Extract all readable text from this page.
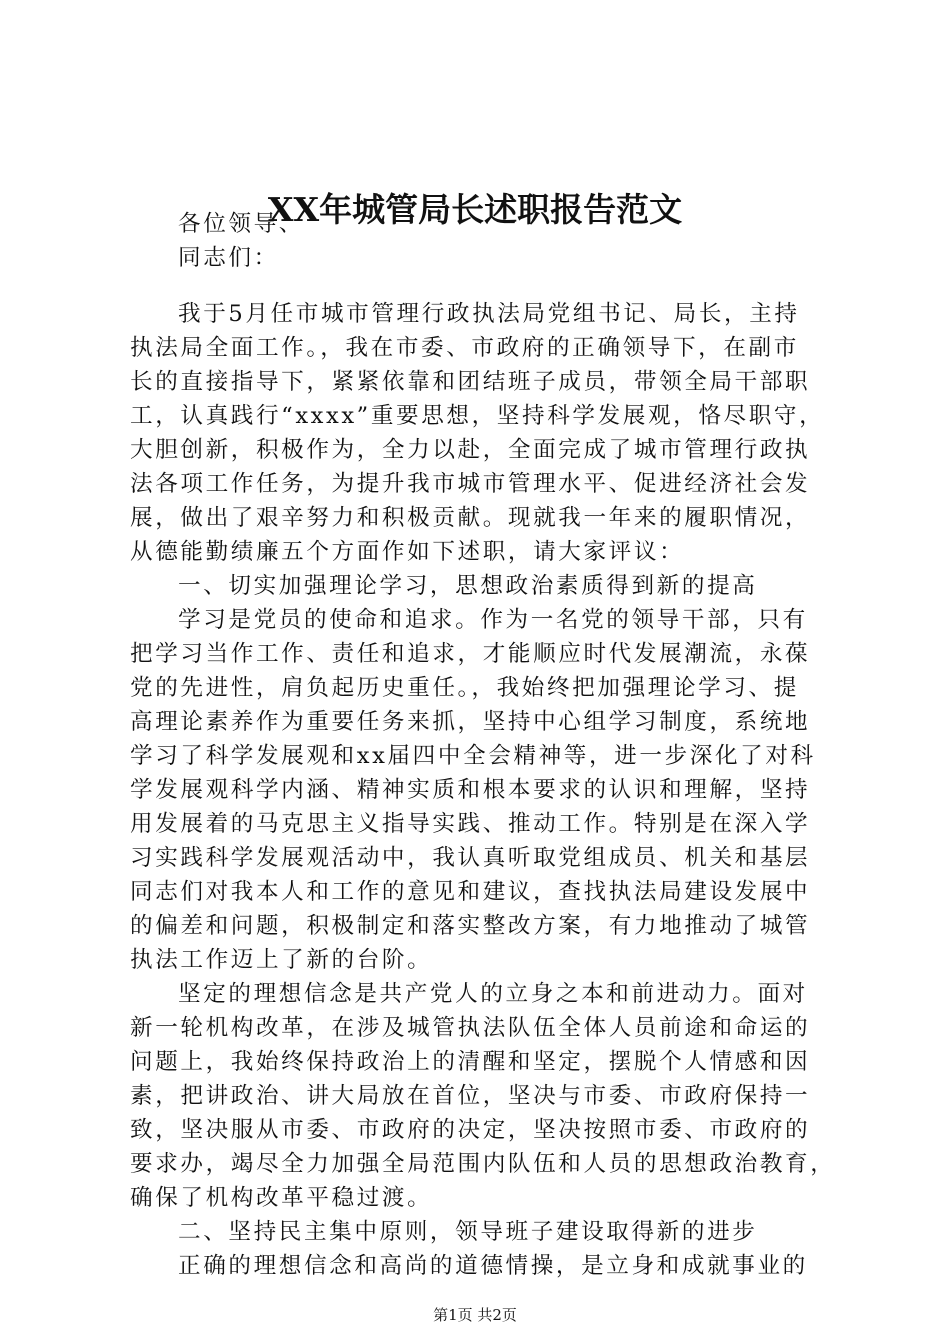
XX年城管局长述职报告范文
各位领导、
同志们：
我于5月任市城市管理行政执法局党组书记、局长，主持
执法局全面工作。，我在市委、市政府的正确领导下，在副市
长的直接指导下，紧紧依靠和团结班子成员，带领全局干部职
工，认真践行“xxxx”重要思想，坚持科学发展观，恪尽职守，
大胆创新，积极作为，全力以赴，全面完成了城市管理行政执
法各项工作任务，为提升我市城市管理水平、促进经济社会发
展，做出了艰辛努力和积极贡献。现就我一年来的履职情况，
从德能勤绩廉五个方面作如下述职，请大家评议：
一、切实加强理论学习，思想政治素质得到新的提高
学习是党员的使命和追求。作为一名党的领导干部，只有
把学习当作工作、责任和追求，才能顺应时代发展潮流，永葆
党的先进性，肩负起历史重任。，我始终把加强理论学习、提
高理论素养作为重要任务来抓，坚持中心组学习制度，系统地
学习了科学发展观和xx届四中全会精神等，进一步深化了对科
学发展观科学内涵、精神实质和根本要求的认识和理解，坚持
用发展着的马克思主义指导实践、推动工作。特别是在深入学
习实践科学发展观活动中，我认真听取党组成员、机关和基层
同志们对我本人和工作的意见和建议，查找执法局建设发展中
的偏差和问题，积极制定和落实整改方案，有力地推动了城管
执法工作迈上了新的台阶。
坚定的理想信念是共产党人的立身之本和前进动力。面对
新一轮机构改革，在涉及城管执法队伍全体人员前途和命运的
问题上，我始终保持政治上的清醒和坚定，摆脱个人情感和因
素，把讲政治、讲大局放在首位，坚决与市委、市政府保持一
致，坚决服从市委、市政府的决定，坚决按照市委、市政府的
要求办，竭尽全力加强全局范围内队伍和人员的思想政治教育，
确保了机构改革平稳过渡。
二、坚持民主集中原则，领导班子建设取得新的进步
正确的理想信念和高尚的道德情操，是立身和成就事业的
第1页 共2页
